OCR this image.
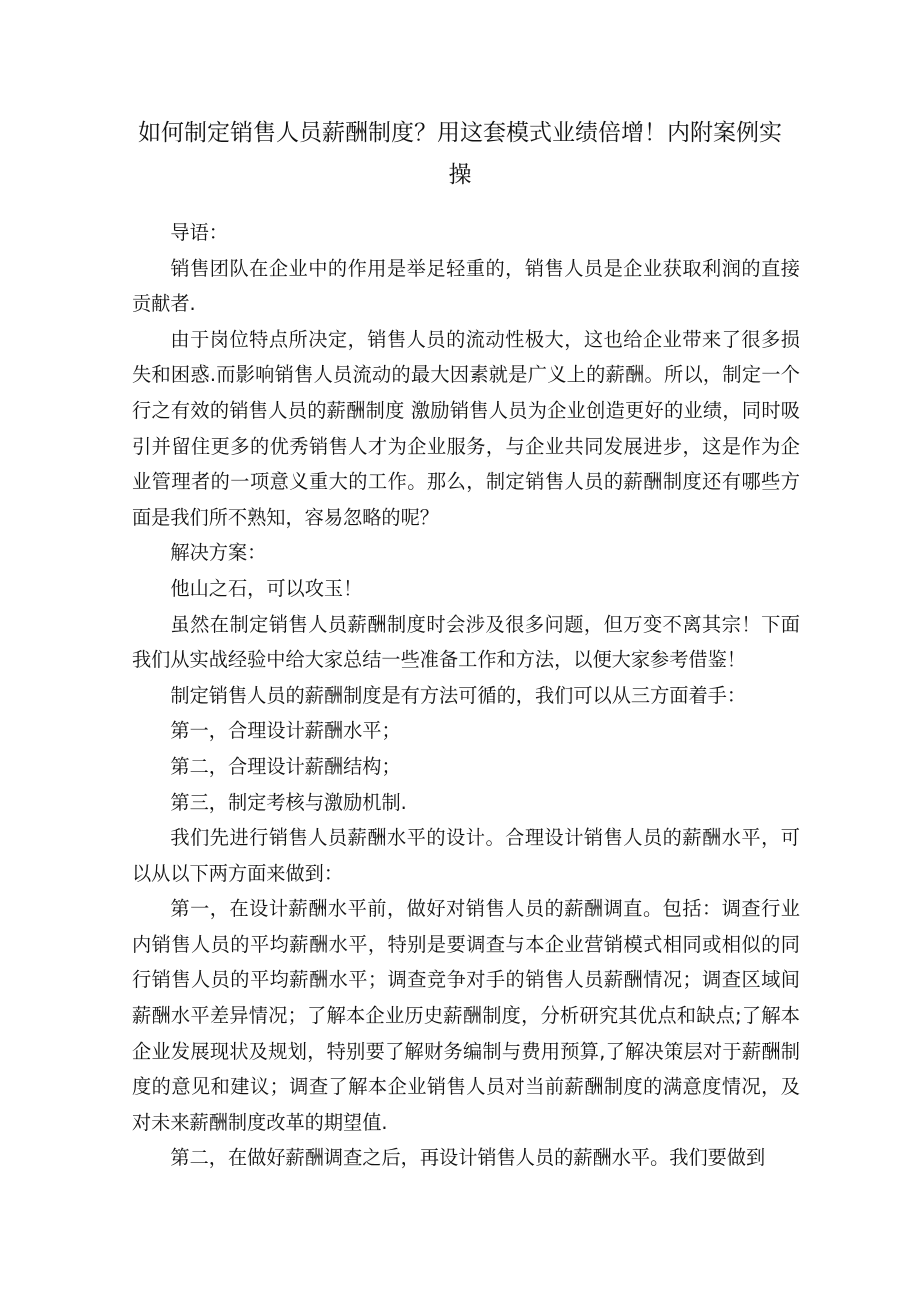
如何制定销售人员薪酬制度？用这套模式业绩倍增！内附案例实操

导语：

销售团队在企业中的作用是举足轻重的，销售人员是企业获取利润的直接贡献者.

由于岗位特点所决定，销售人员的流动性极大，这也给企业带来了很多损失和困惑.而影响销售人员流动的最大因素就是广义上的薪酬。所以，制定一个行之有效的销售人员的薪酬制度 激励销售人员为企业创造更好的业绩，同时吸引并留住更多的优秀销售人才为企业服务，与企业共同发展进步，这是作为企业管理者的一项意义重大的工作。那么，制定销售人员的薪酬制度还有哪些方面是我们所不熟知，容易忽略的呢？

解决方案：

他山之石，可以攻玉！

虽然在制定销售人员薪酬制度时会涉及很多问题，但万变不离其宗！下面我们从实战经验中给大家总结一些准备工作和方法，以便大家参考借鉴！

制定销售人员的薪酬制度是有方法可循的，我们可以从三方面着手：

第一，合理设计薪酬水平；

第二，合理设计薪酬结构；

第三，制定考核与激励机制.

我们先进行销售人员薪酬水平的设计。合理设计销售人员的薪酬水平，可以从以下两方面来做到：

第一，在设计薪酬水平前，做好对销售人员的薪酬调直。包括：调查行业内销售人员的平均薪酬水平，特别是要调查与本企业营销模式相同或相似的同行销售人员的平均薪酬水平；调查竞争对手的销售人员薪酬情况；调查区域间薪酬水平差异情况；了解本企业历史薪酬制度，分析研究其优点和缺点;了解本企业发展现状及规划，特别要了解财务编制与费用预算,了解决策层对于薪酬制度的意见和建议；调查了解本企业销售人员对当前薪酬制度的满意度情况，及对未来薪酬制度改革的期望值.

第二，在做好薪酬调查之后，再设计销售人员的薪酬水平。我们要做到
